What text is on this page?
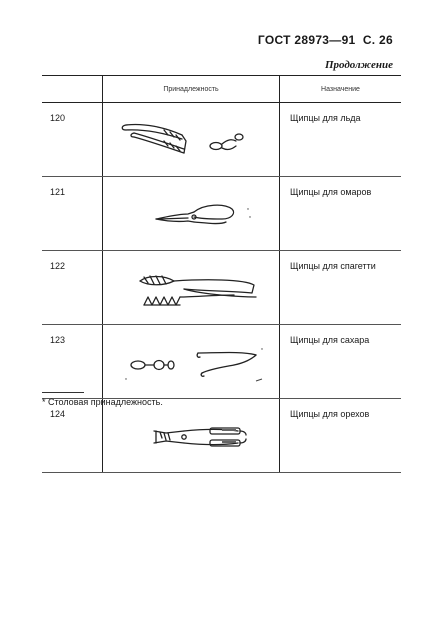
ГОСТ 28973—91 С. 26
Продолжение
	Принадлежность	Назначение
120		Щипцы для льда
121		Щипцы для омаров
122		Щипцы для спагетти
123		Щипцы для сахара
124		Щипцы для орехов
* Столовая принадлежность.
